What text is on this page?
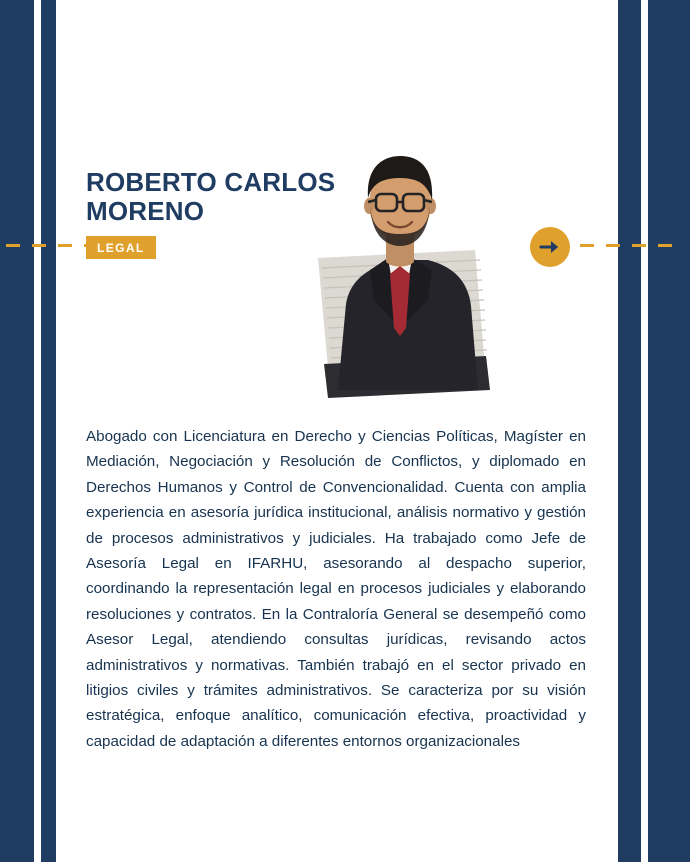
ROBERTO CARLOS
MORENO
LEGAL

Abogado con Licenciatura en Derecho y Ciencias Políticas, Magíster en Mediación, Negociación y Resolución de Conflictos, y diplomado en Derechos Humanos y Control de Convencionalidad. Cuenta con amplia experiencia en asesoría jurídica institucional, análisis normativo y gestión de procesos administrativos y judiciales. Ha trabajado como Jefe de Asesoría Legal en IFARHU, asesorando al despacho superior, coordinando la representación legal en procesos judiciales y elaborando resoluciones y contratos. En la Contraloría General se desempeñó como Asesor Legal, atendiendo consultas jurídicas, revisando actos administrativos y normativas. También trabajó en el sector privado en litigios civiles y trámites administrativos. Se caracteriza por su visión estratégica, enfoque analítico, comunicación efectiva, proactividad y capacidad de adaptación a diferentes entornos organizacionales
